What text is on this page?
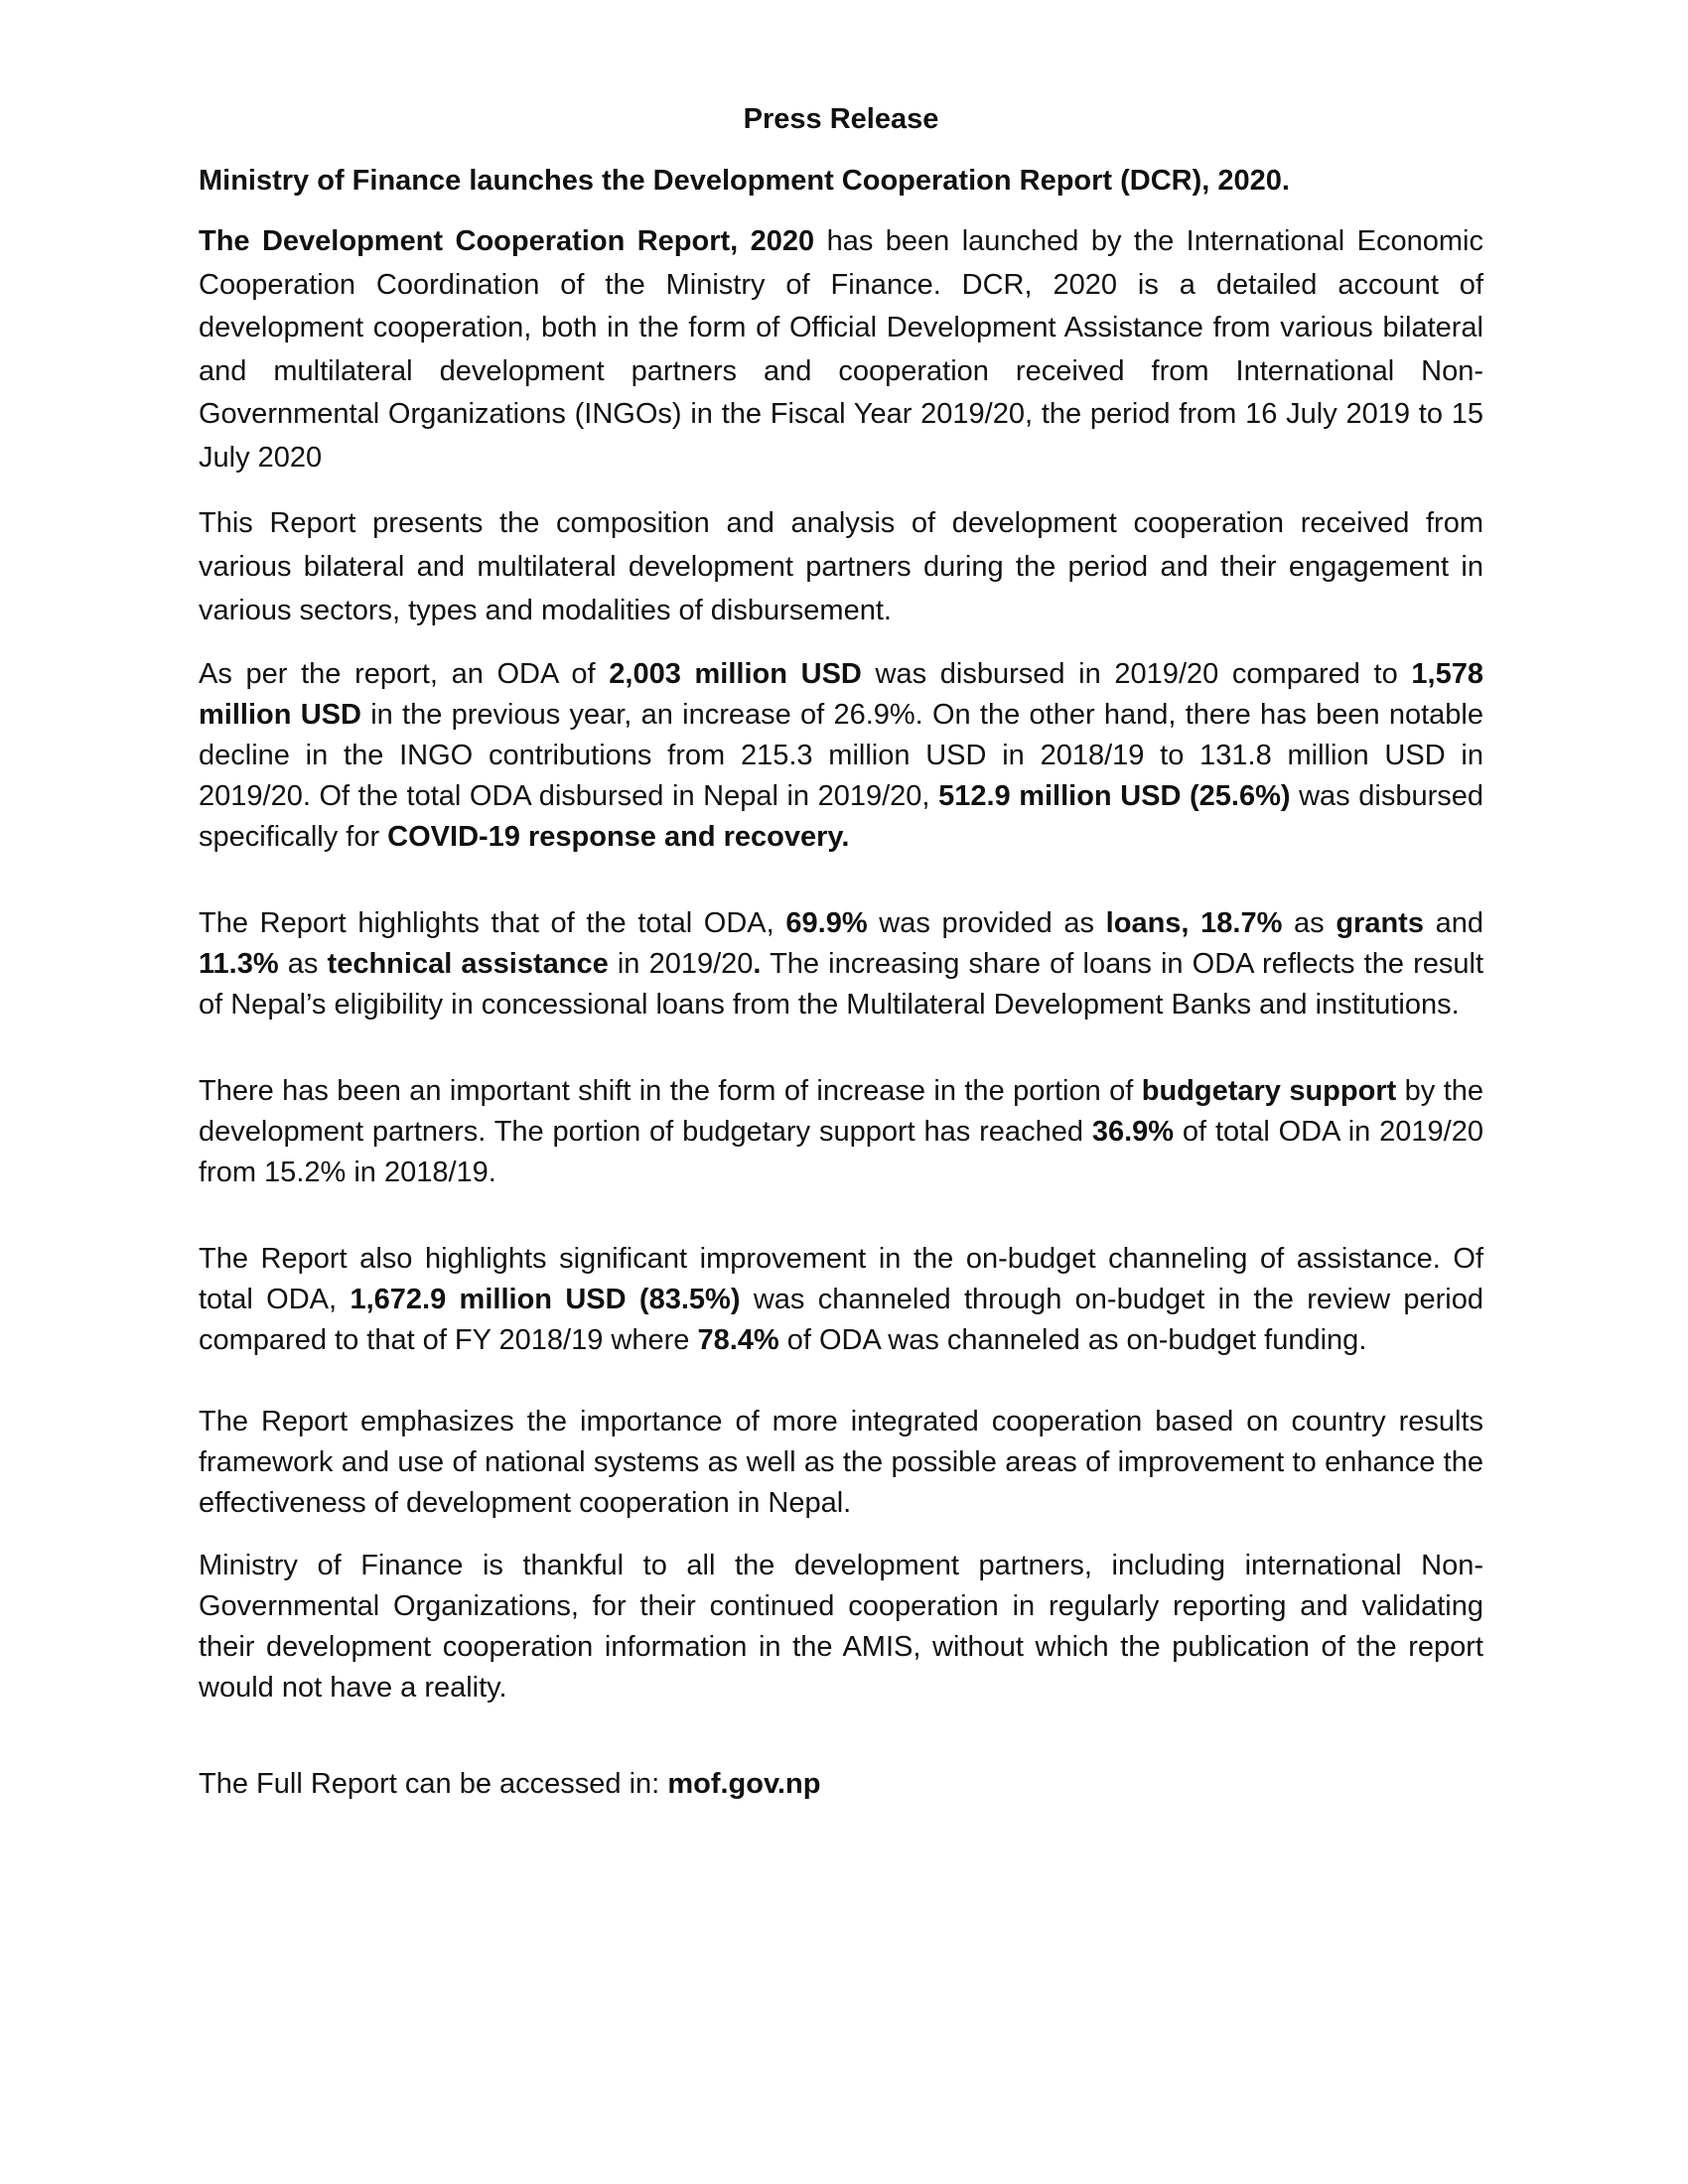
Press Release
Ministry of Finance launches the Development Cooperation Report (DCR), 2020.

The Development Cooperation Report, 2020 has been launched by the International Economic Cooperation Coordination of the Ministry of Finance. DCR, 2020 is a detailed account of development cooperation, both in the form of Official Development Assistance from various bilateral and multilateral development partners and cooperation received from International Non-Governmental Organizations (INGOs) in the Fiscal Year 2019/20, the period from 16 July 2019 to 15 July 2020

This Report presents the composition and analysis of development cooperation received from various bilateral and multilateral development partners during the period and their engagement in various sectors, types and modalities of disbursement.

As per the report, an ODA of 2,003 million USD was disbursed in 2019/20 compared to 1,578 million USD in the previous year, an increase of 26.9%. On the other hand, there has been notable decline in the INGO contributions from 215.3 million USD in 2018/19 to 131.8 million USD in 2019/20. Of the total ODA disbursed in Nepal in 2019/20, 512.9 million USD (25.6%) was disbursed specifically for COVID-19 response and recovery.

The Report highlights that of the total ODA, 69.9% was provided as loans, 18.7% as grants and 11.3% as technical assistance in 2019/20. The increasing share of loans in ODA reflects the result of Nepal’s eligibility in concessional loans from the Multilateral Development Banks and institutions.

There has been an important shift in the form of increase in the portion of budgetary support by the development partners. The portion of budgetary support has reached 36.9% of total ODA in 2019/20 from 15.2% in 2018/19.

The Report also highlights significant improvement in the on-budget channeling of assistance. Of total ODA, 1,672.9 million USD (83.5%) was channeled through on-budget in the review period compared to that of FY 2018/19 where 78.4% of ODA was channeled as on-budget funding.

The Report emphasizes the importance of more integrated cooperation based on country results framework and use of national systems as well as the possible areas of improvement to enhance the effectiveness of development cooperation in Nepal.

Ministry of Finance is thankful to all the development partners, including international Non-Governmental Organizations, for their continued cooperation in regularly reporting and validating their development cooperation information in the AMIS, without which the publication of the report would not have a reality.

The Full Report can be accessed in: mof.gov.np
